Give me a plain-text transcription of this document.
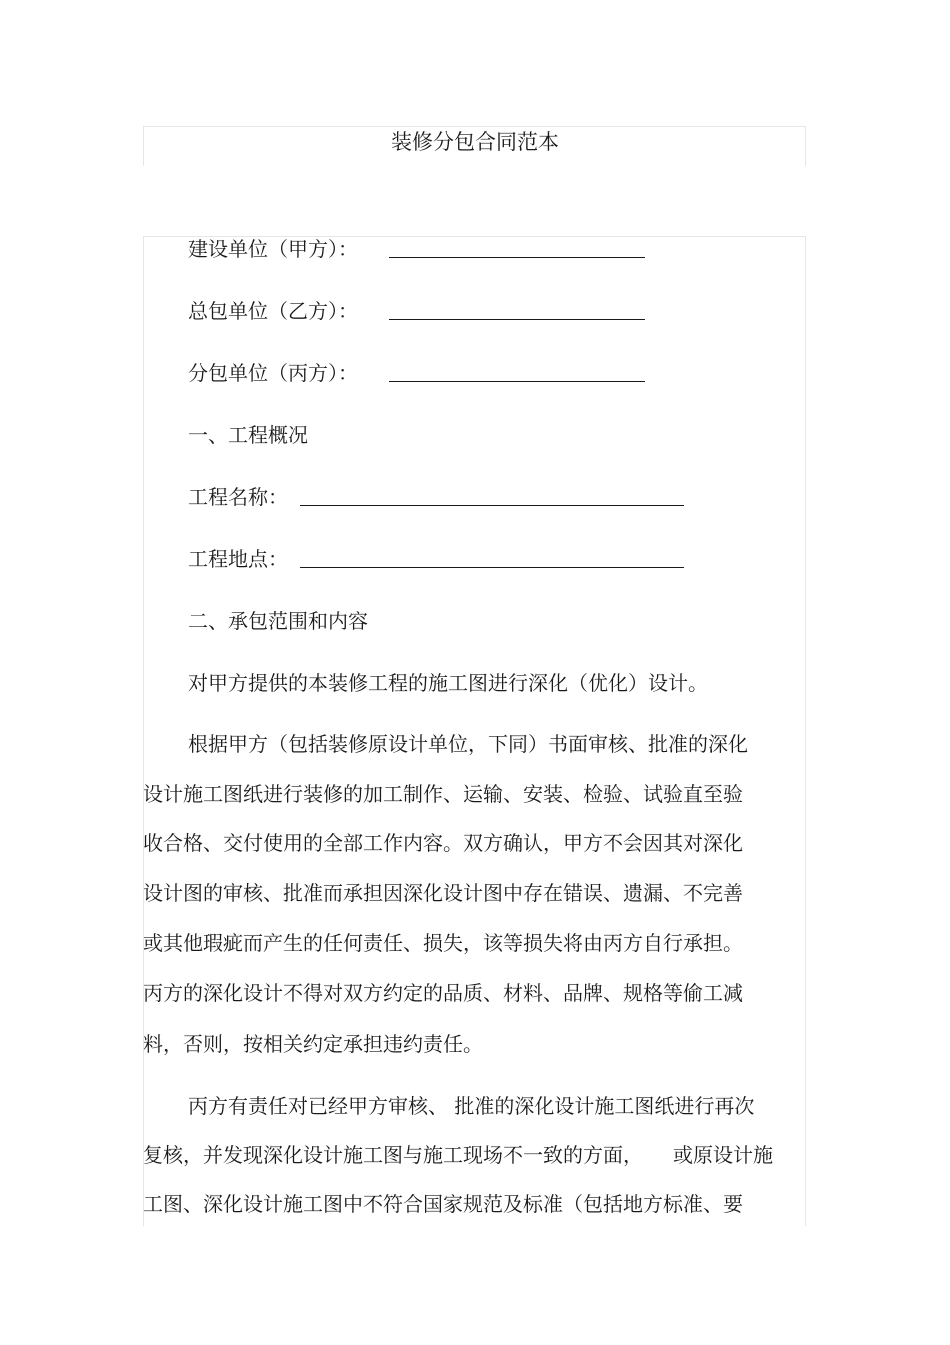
装修分包合同范本
建设单位（甲方）：
总包单位（乙方）：
分包单位（丙方）：
一、工程概况
工程名称：
工程地点：
二、承包范围和内容
对甲方提供的本装修工程的施工图进行深化（优化）设计。
根据甲方（包括装修原设计单位，下同）书面审核、批准的深化
设计施工图纸进行装修的加工制作、运输、安装、检验、试验直至验
收合格、交付使用的全部工作内容。双方确认，甲方不会因其对深化
设计图的审核、批准而承担因深化设计图中存在错误、遗漏、不完善
或其他瑕疵而产生的任何责任、损失，该等损失将由丙方自行承担。
丙方的深化设计不得对双方约定的品质、材料、品牌、规格等偷工减
料，否则，按相关约定承担违约责任。
丙方有责任对已经甲方审核、 批准的深化设计施工图纸进行再次
复核，并发现深化设计施工图与施工现场不一致的方面，　　或原设计施
工图、深化设计施工图中不符合国家规范及标准（包括地方标准、要
